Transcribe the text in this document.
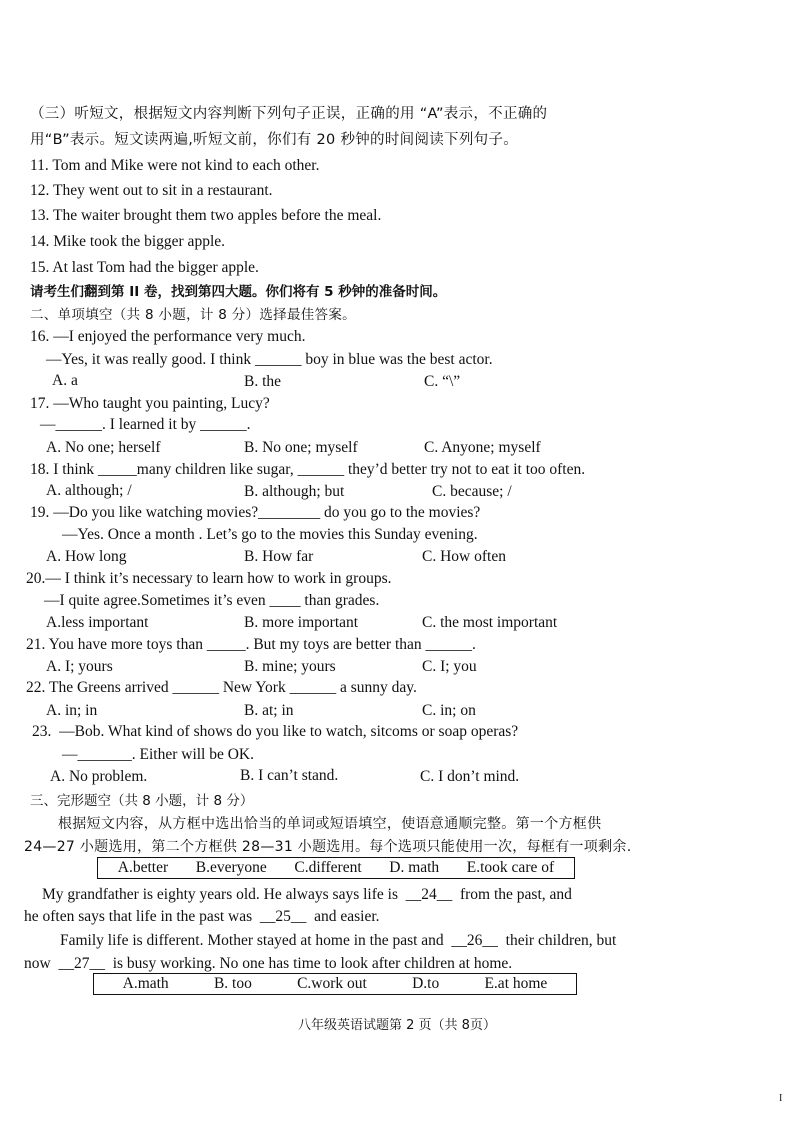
（三）听短文，根据短文内容判断下列句子正误，正确的用 “A”表示，不正确的
用“B”表示。短文读两遍,听短文前，你们有 20 秒钟的时间阅读下列句子。
11. Tom and Mike were not kind to each other.
12. They went out to sit in a restaurant.
13. The waiter brought them two apples before the meal.
14. Mike took the bigger apple.
15. At last Tom had the bigger apple.
请考生们翻到第 II 卷，找到第四大题。你们将有 5 秒钟的准备时间。
二、单项填空（共 8 小题，计 8 分）选择最佳答案。
16. —I enjoyed the performance very much.
—Yes, it was really good. I think ______ boy in blue was the best actor.
A. a	B. the	C. “\”
17. —Who taught you painting, Lucy?
—______. I learned it by ______.
A. No one; herself	B. No one; myself	C. Anyone; myself
18. I think _____many children like sugar, ______ they’d better try not to eat it too often.
A. although; /	B. although; but	C. because; /
19. —Do you like watching movies?________ do you go to the movies?
—Yes. Once a month . Let’s go to the movies this Sunday evening.
A. How long	B. How far	C. How often
20.— I think it’s necessary to learn how to work in groups.
—I quite agree.Sometimes it’s even ____ than grades.
A.less important	B. more important	C. the most important
21. You have more toys than _____. But my toys are better than ______.
A. I; yours	B. mine; yours	C. I; you
22. The Greens arrived ______ New York ______ a sunny day.
A. in; in	B. at; in	C. in; on
23.  —Bob. What kind of shows do you like to watch, sitcoms or soap operas?
—_______. Either will be OK.
A. No problem.	B. I can’t stand.	C. I don’t mind.
三、完形题空（共 8 小题，计 8 分）
根据短文内容，从方框中选出恰当的单词或短语填空，使语意通顺完整。第一个方框供
24—27 小题选用，第二个方框供 28—31 小题选用。每个选项只能使用一次，每框有一项剩余.
A.better B.everyone C.different D. math E.took care of
My grandfather is eighty years old. He always says life is  __24__  from the past, and
he often says that life in the past was  __25__  and easier.
Family life is different. Mother stayed at home in the past and  __26__  their children, but
now  __27__  is busy working. No one has time to look after children at home.
A.math	B. too	C.work out	D.to	E.at home
八年级英语试题第 2 页（共 8页）
I
